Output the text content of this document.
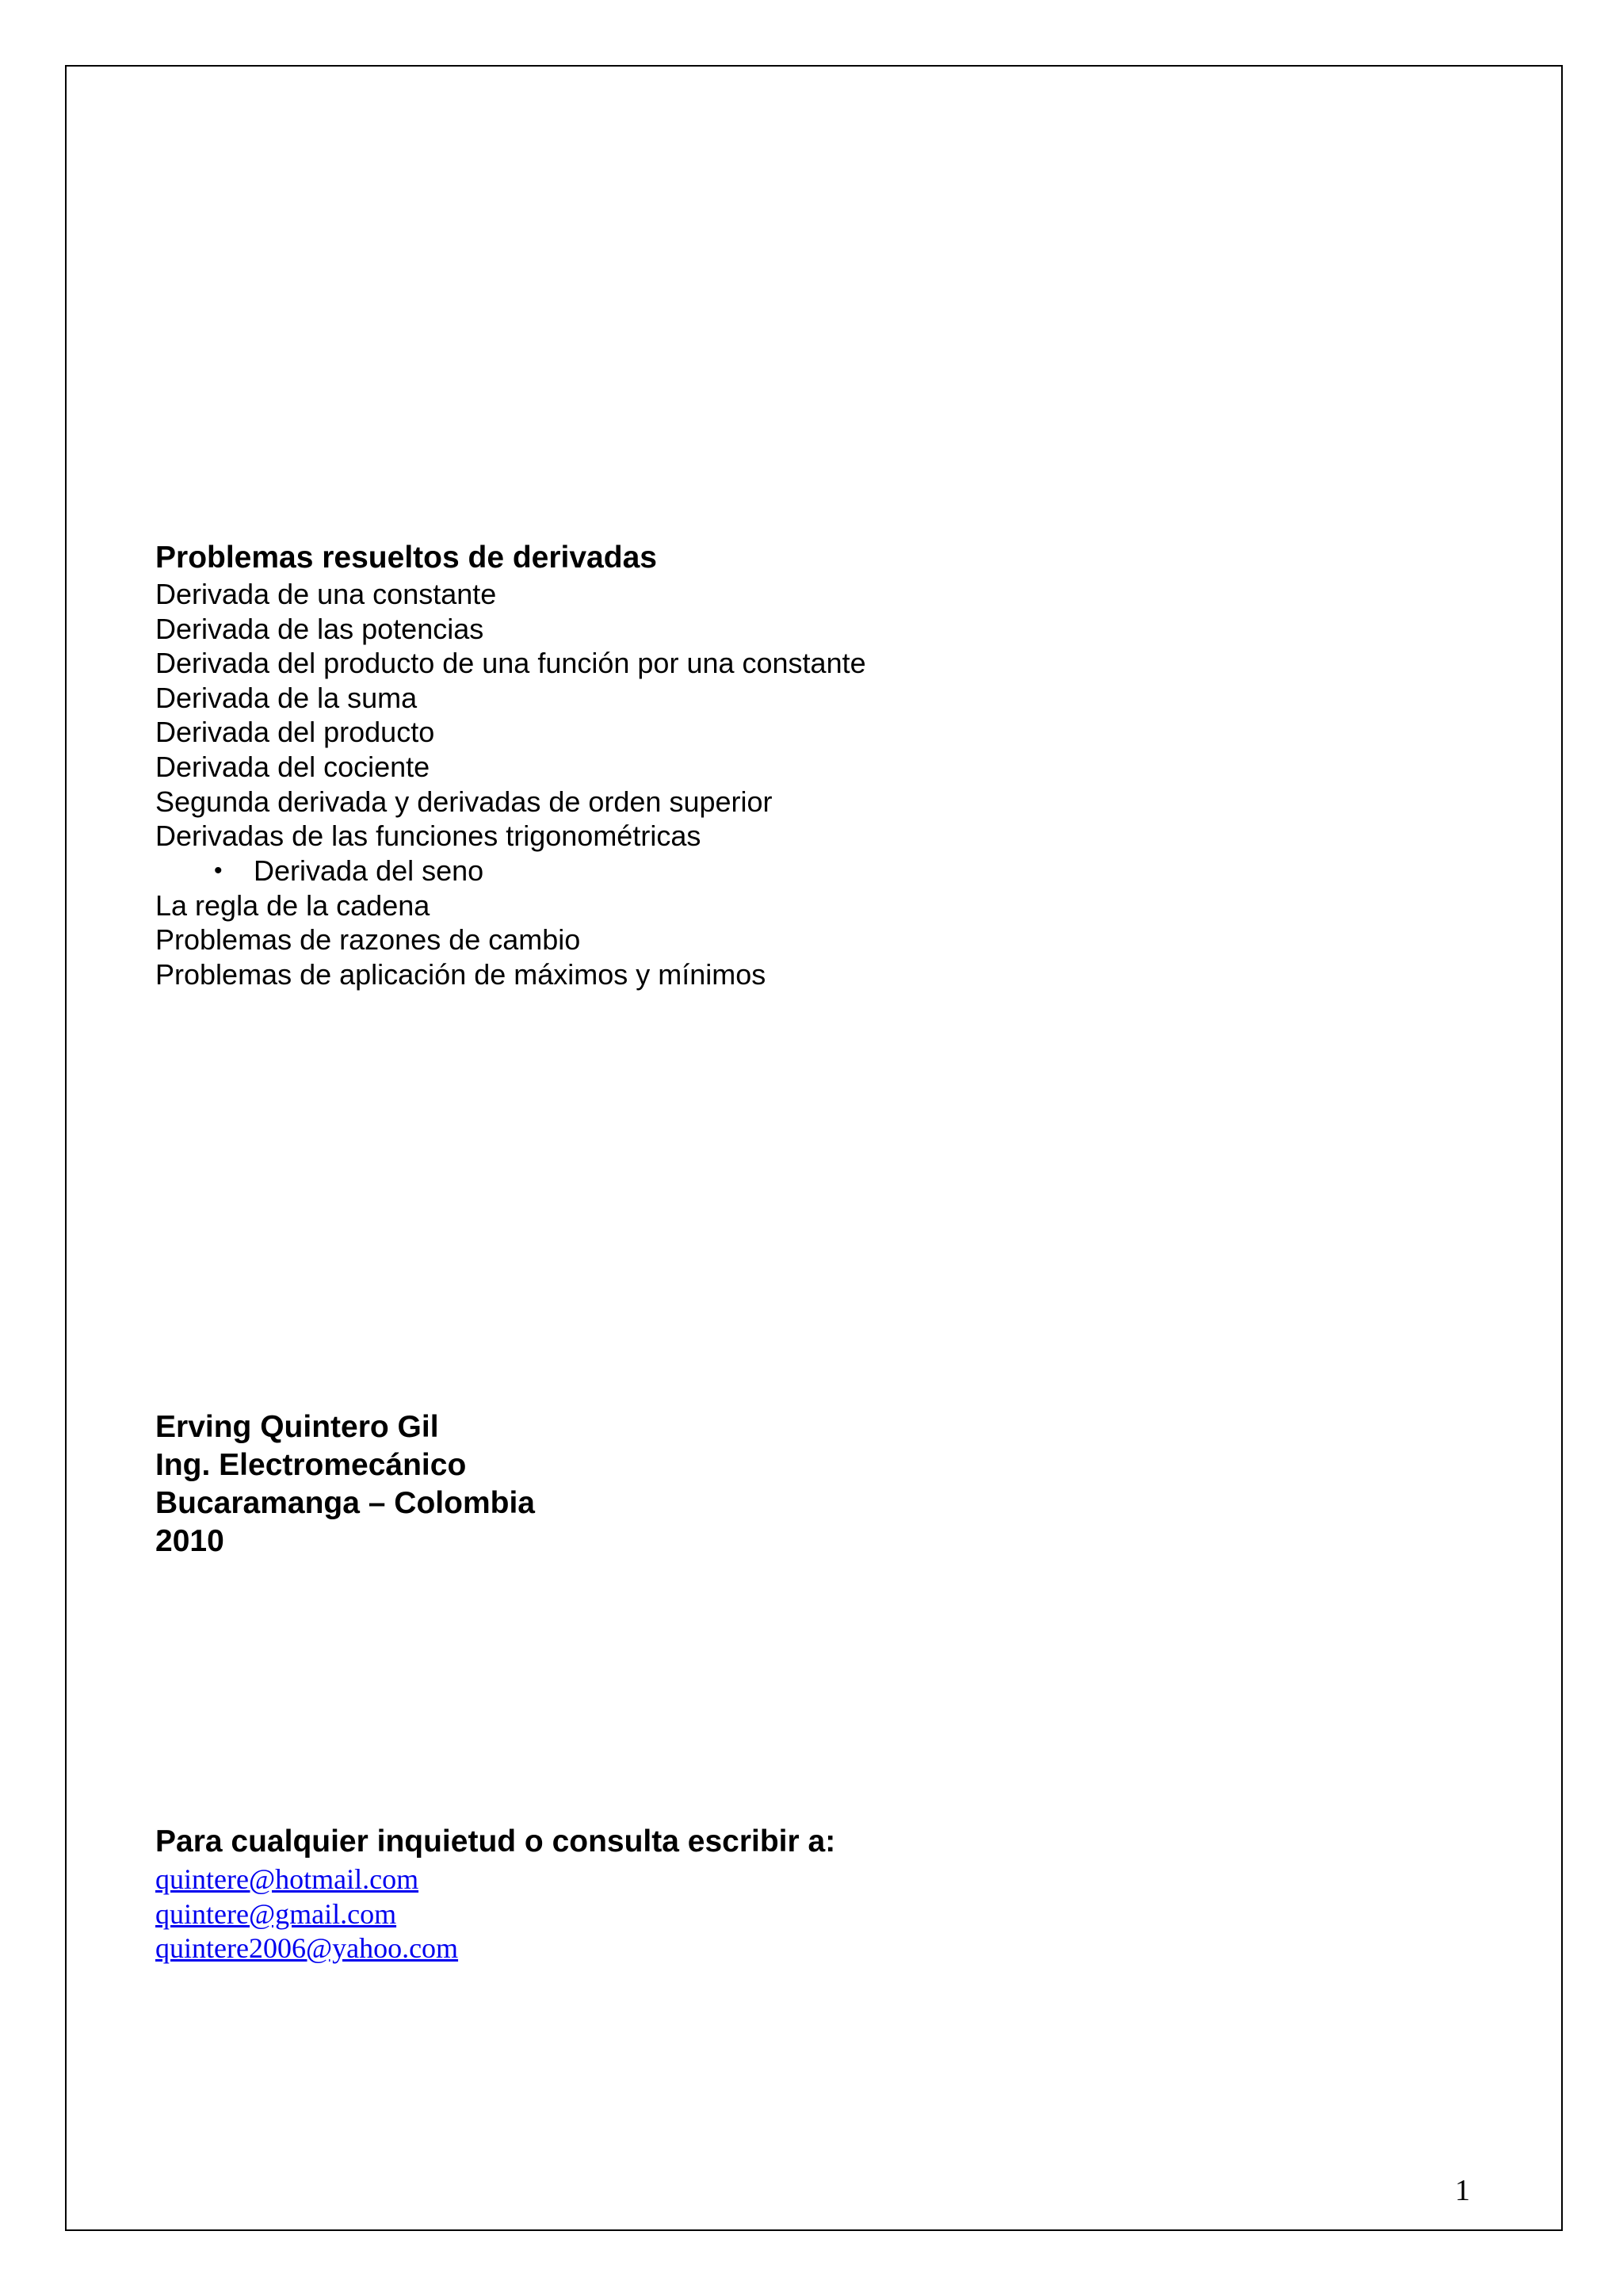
Problemas resueltos de derivadas
Derivada de una constante
Derivada de las potencias
Derivada del producto de una función por una constante
Derivada de la suma
Derivada del producto
Derivada del cociente
Segunda derivada y derivadas de orden superior
Derivadas de las funciones trigonométricas
• Derivada del seno
La regla de la cadena
Problemas de razones de cambio
Problemas de aplicación de máximos y mínimos
Erving Quintero Gil
Ing. Electromecánico
Bucaramanga – Colombia
2010
Para cualquier inquietud o consulta escribir a:
quintere@hotmail.com
quintere@gmail.com
quintere2006@yahoo.com
1
